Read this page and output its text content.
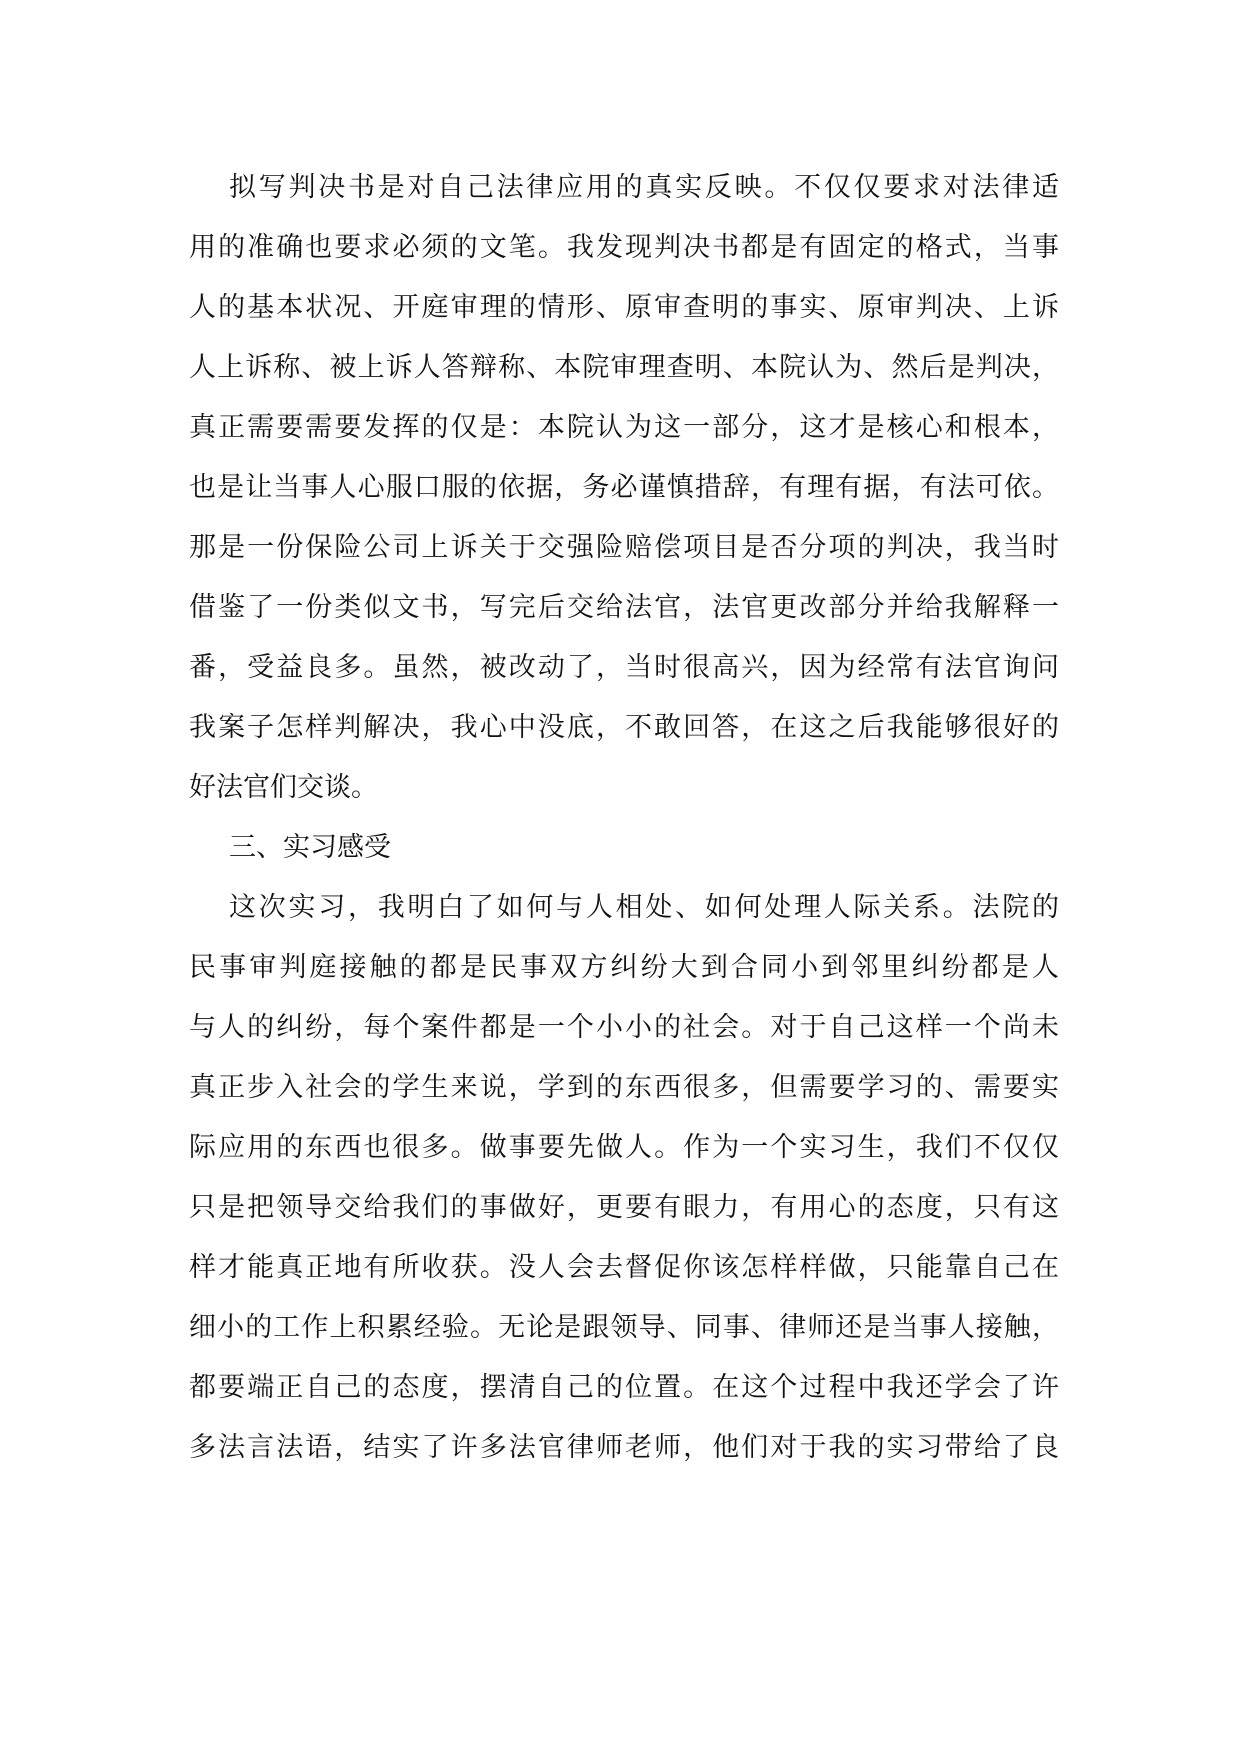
拟写判决书是对自己法律应用的真实反映。不仅仅要求对法律适
用的准确也要求必须的文笔。我发现判决书都是有固定的格式，当事
人的基本状况、开庭审理的情形、原审查明的事实、原审判决、上诉
人上诉称、被上诉人答辩称、本院审理查明、本院认为、然后是判决，
真正需要需要发挥的仅是：本院认为这一部分，这才是核心和根本，
也是让当事人心服口服的依据，务必谨慎措辞，有理有据，有法可依。
那是一份保险公司上诉关于交强险赔偿项目是否分项的判决，我当时
借鉴了一份类似文书，写完后交给法官，法官更改部分并给我解释一
番，受益良多。虽然，被改动了，当时很高兴，因为经常有法官询问
我案子怎样判解决，我心中没底，不敢回答，在这之后我能够很好的
好法官们交谈。
三、实习感受
这次实习，我明白了如何与人相处、如何处理人际关系。法院的
民事审判庭接触的都是民事双方纠纷大到合同小到邻里纠纷都是人
与人的纠纷，每个案件都是一个小小的社会。对于自己这样一个尚未
真正步入社会的学生来说，学到的东西很多，但需要学习的、需要实
际应用的东西也很多。做事要先做人。作为一个实习生，我们不仅仅
只是把领导交给我们的事做好，更要有眼力，有用心的态度，只有这
样才能真正地有所收获。没人会去督促你该怎样样做，只能靠自己在
细小的工作上积累经验。无论是跟领导、同事、律师还是当事人接触，
都要端正自己的态度，摆清自己的位置。在这个过程中我还学会了许
多法言法语，结实了许多法官律师老师，他们对于我的实习带给了良
